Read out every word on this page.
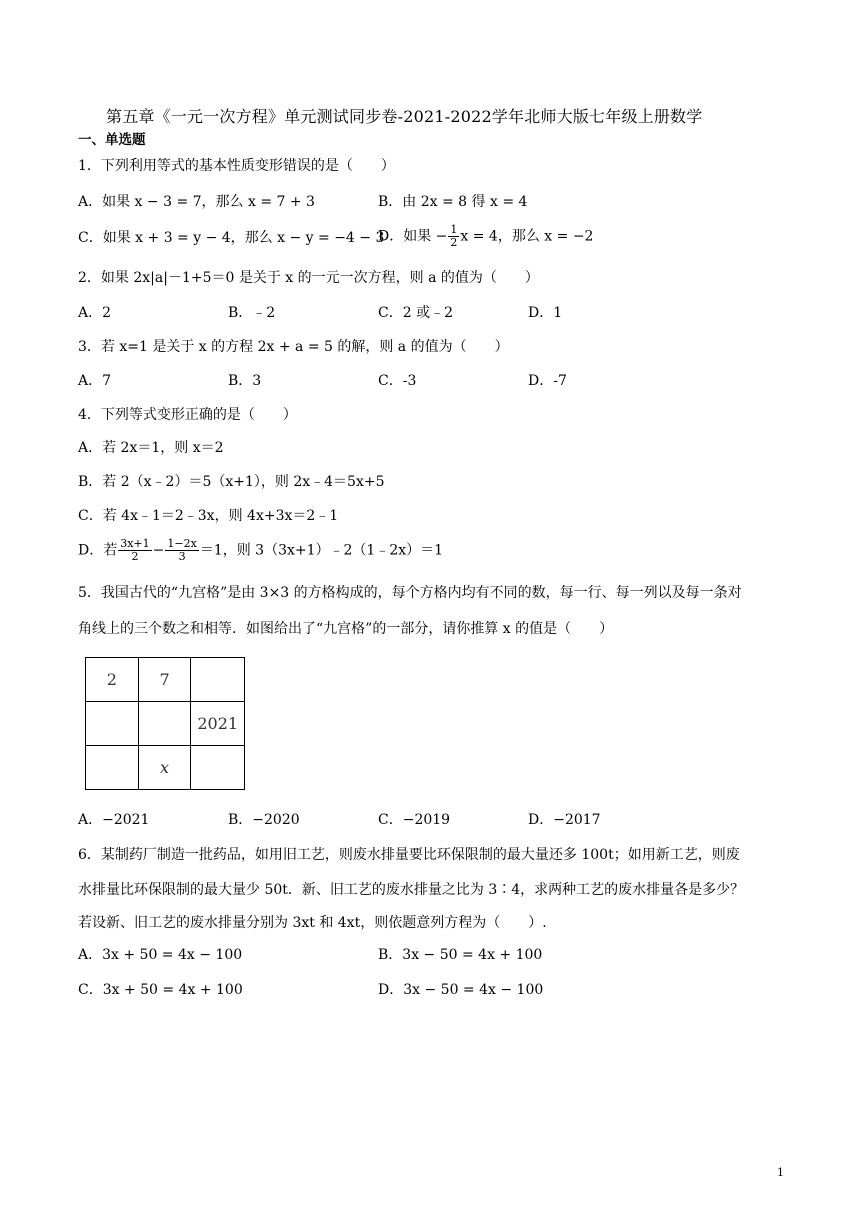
第五章《一元一次方程》单元测试同步卷-2021-2022学年北师大版七年级上册数学
一、单选题
1．下列利用等式的基本性质变形错误的是（　　）
A．如果 x − 3 = 7，那么 x = 7 + 3	B．由 2x = 8 得 x = 4
C．如果 x + 3 = y − 4，那么 x − y = −4 − 3
D．如果 − $\frac{1}{2}$ x = 4，那么 x = −2
2．如果 2x|a|－1+5＝0 是关于 x 的一元一次方程，则 a 的值为（　　）
A．2	B．﹣2	C．2 或﹣2	D．1
3．若 x=1 是关于 x 的方程 2x + a = 5 的解，则 a 的值为（　　）
A．7	B．3	C．-3	D．-7
4．下列等式变形正确的是（　　）
A．若 2x＝1，则 x＝2
B．若 2（x﹣2）＝5（x+1），则 2x﹣4＝5x+5
C．若 4x﹣1＝2﹣3x，则 4x+3x＝2﹣1
D．若 $\frac{3x+1}{2} - \frac{1-2x}{3} =1$，则 3（3x+1）﹣2（1﹣2x）＝1
5．我国古代的“九宫格”是由 3×3 的方格构成的，每个方格内均有不同的数，每一行、每一列以及每一条对
角线上的三个数之和相等．如图给出了“九宫格”的一部分，请你推算 x 的值是（　　）
2	7	
		2021
	x	
A．−2021	B．−2020	C．−2019	D．−2017
6．某制药厂制造一批药品，如用旧工艺，则废水排量要比环保限制的最大量还多 100t；如用新工艺，则废
水排量比环保限制的最大量少 50t．新、旧工艺的废水排量之比为 3∶4，求两种工艺的废水排量各是多少？
若设新、旧工艺的废水排量分别为 3xt 和 4xt，则依题意列方程为（　　）.
A．3x + 50 = 4x − 100	B．3x − 50 = 4x + 100
C．3x + 50 = 4x + 100	D．3x − 50 = 4x − 100
1
